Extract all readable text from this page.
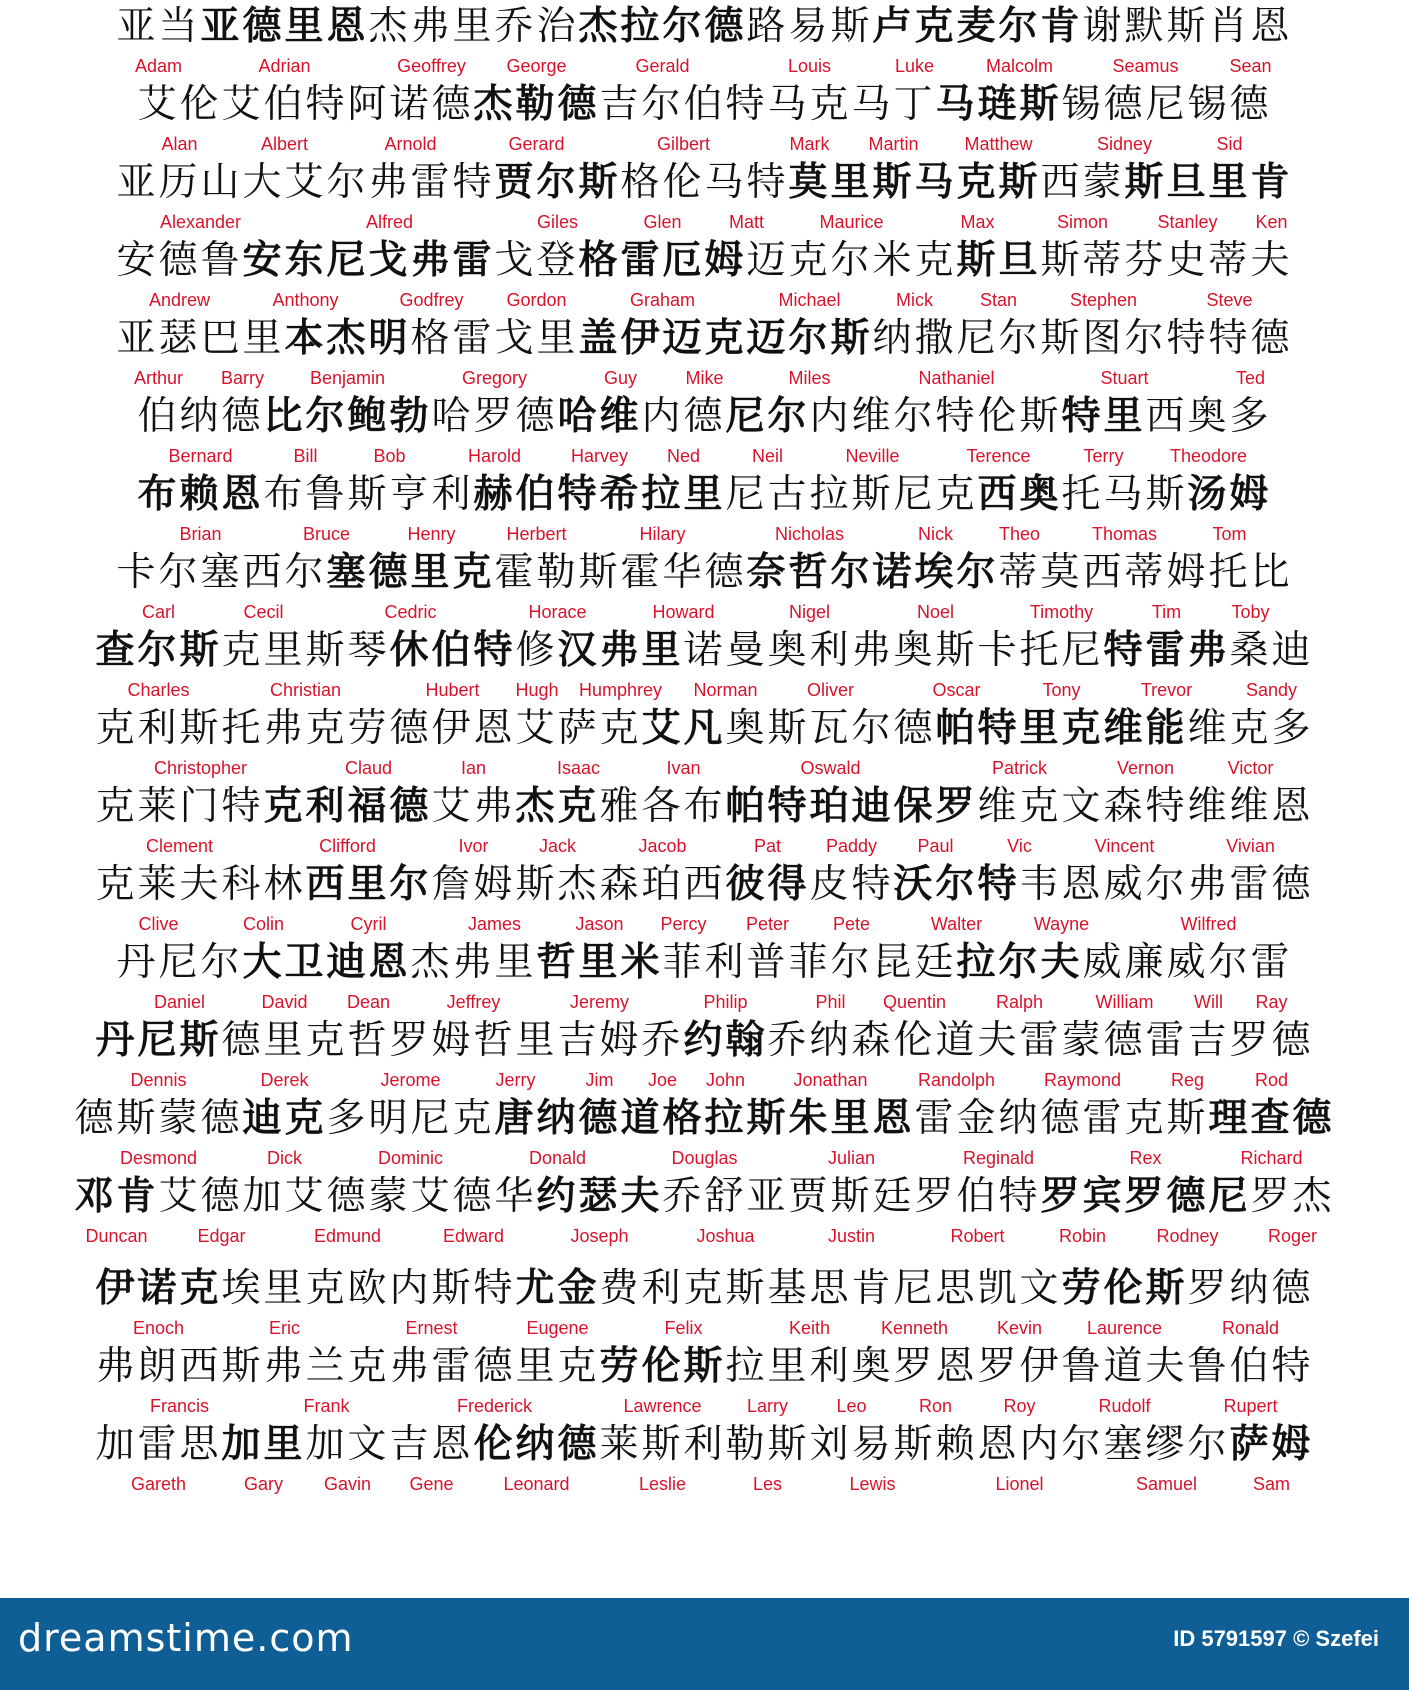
亚当
Adam
亚德里恩
Adrian
杰弗里
Geoffrey
乔治
George
杰拉尔德
Gerald
路易斯
Louis
卢克
Luke
麦尔肯
Malcolm
谢默斯
Seamus
肖恩
Sean
艾伦
Alan
艾伯特
Albert
阿诺德
Arnold
杰勒德
Gerard
吉尔伯特
Gilbert
马克
Mark
马丁
Martin
马琏斯
Matthew
锡德尼
Sidney
锡德
Sid
亚历山大
Alexander
艾尔弗雷特
Alfred
贾尔斯
Giles
格伦
Glen
马特
Matt
莫里斯
Maurice
马克斯
Max
西蒙
Simon
斯旦里
Stanley
肯
Ken
安德鲁
Andrew
安东尼
Anthony
戈弗雷
Godfrey
戈登
Gordon
格雷厄姆
Graham
迈克尔
Michael
米克
Mick
斯旦
Stan
斯蒂芬
Stephen
史蒂夫
Steve
亚瑟
Arthur
巴里
Barry
本杰明
Benjamin
格雷戈里
Gregory
盖伊
Guy
迈克
Mike
迈尔斯
Miles
纳撒尼尔
Nathaniel
斯图尔特
Stuart
特德
Ted
伯纳德
Bernard
比尔
Bill
鲍勃
Bob
哈罗德
Harold
哈维
Harvey
内德
Ned
尼尔
Neil
内维尔
Neville
特伦斯
Terence
特里
Terry
西奥多
Theodore
布赖恩
Brian
布鲁斯
Bruce
亨利
Henry
赫伯特
Herbert
希拉里
Hilary
尼古拉斯
Nicholas
尼克
Nick
西奥
Theo
托马斯
Thomas
汤姆
Tom
卡尔
Carl
塞西尔
Cecil
塞德里克
Cedric
霍勒斯
Horace
霍华德
Howard
奈哲尔
Nigel
诺埃尔
Noel
蒂莫西
Timothy
蒂姆
Tim
托比
Toby
查尔斯
Charles
克里斯琴
Christian
休伯特
Hubert
修
Hugh
汉弗里
Humphrey
诺曼
Norman
奥利弗
Oliver
奥斯卡
Oscar
托尼
Tony
特雷弗
Trevor
桑迪
Sandy
克利斯托弗
Christopher
克劳德
Claud
伊恩
Ian
艾萨克
Isaac
艾凡
Ivan
奥斯瓦尔德
Oswald
帕特里克
Patrick
维能
Vernon
维克多
Victor
克莱门特
Clement
克利福德
Clifford
艾弗
Ivor
杰克
Jack
雅各布
Jacob
帕特
Pat
珀迪
Paddy
保罗
Paul
维克
Vic
文森特
Vincent
维维恩
Vivian
克莱夫
Clive
科林
Colin
西里尔
Cyril
詹姆斯
James
杰森
Jason
珀西
Percy
彼得
Peter
皮特
Pete
沃尔特
Walter
韦恩
Wayne
威尔弗雷德
Wilfred
丹尼尔
Daniel
大卫
David
迪恩
Dean
杰弗里
Jeffrey
哲里米
Jeremy
菲利普
Philip
菲尔
Phil
昆廷
Quentin
拉尔夫
Ralph
威廉
William
威尔
Will
雷
Ray
丹尼斯
Dennis
德里克
Derek
哲罗姆
Jerome
哲里
Jerry
吉姆
Jim
乔
Joe
约翰
John
乔纳森
Jonathan
伦道夫
Randolph
雷蒙德
Raymond
雷吉
Reg
罗德
Rod
德斯蒙德
Desmond
迪克
Dick
多明尼克
Dominic
唐纳德
Donald
道格拉斯
Douglas
朱里恩
Julian
雷金纳德
Reginald
雷克斯
Rex
理查德
Richard
邓肯
Duncan
艾德加
Edgar
艾德蒙
Edmund
艾德华
Edward
约瑟夫
Joseph
乔舒亚
Joshua
贾斯廷
Justin
罗伯特
Robert
罗宾
Robin
罗德尼
Rodney
罗杰
Roger
伊诺克
Enoch
埃里克
Eric
欧内斯特
Ernest
尤金
Eugene
费利克斯
Felix
基思
Keith
肯尼思
Kenneth
凯文
Kevin
劳伦斯
Laurence
罗纳德
Ronald
弗朗西斯
Francis
弗兰克
Frank
弗雷德里克
Frederick
劳伦斯
Lawrence
拉里
Larry
利奥
Leo
罗恩
Ron
罗伊
Roy
鲁道夫
Rudolf
鲁伯特
Rupert
加雷思
Gareth
加里
Gary
加文
Gavin
吉恩
Gene
伦纳德
Leonard
莱斯利
Leslie
勒斯
Les
刘易斯
Lewis
赖恩内尔
Lionel
塞缪尔
Samuel
萨姆
Sam
dreamstime.com	ID 5791597 © Szefei
